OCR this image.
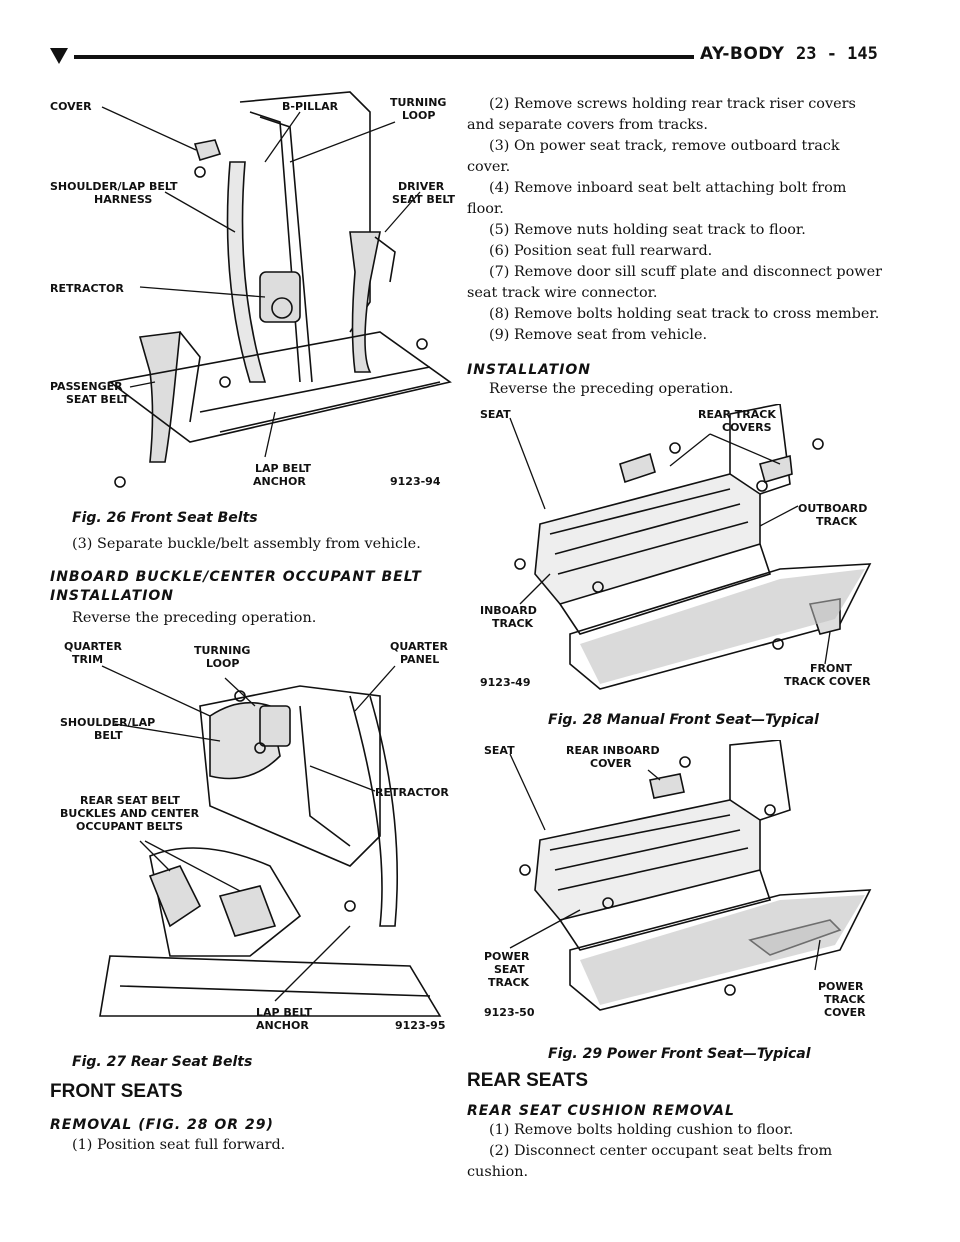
AY-BODY 23 - 145
COVER	B-PILLAR	TURNING
LOOP
SHOULDER/LAP BELT
HARNESS
DRIVER
SEAT BELT
RETRACTOR
PASSENGER
SEAT BELT
LAP BELT
ANCHOR	9123-94
Fig. 26 Front Seat Belts
(3) Separate buckle/belt assembly from vehicle.
INBOARD BUCKLE/CENTER OCCUPANT BELT
INSTALLATION
Reverse the preceding operation.
QUARTER
TRIM
TURNING
LOOP
QUARTER
PANEL
SHOULDER/LAP
BELT
RETRACTOR
REAR SEAT BELT
BUCKLES AND CENTER
OCCUPANT BELTS
LAP BELT
ANCHOR	9123-95
Fig. 27 Rear Seat Belts
FRONT SEATS
REMOVAL (FIG. 28 OR 29)
(1) Position seat full forward.

(2) Remove screws holding rear track riser covers and separate covers from tracks.

(3) On power seat track, remove outboard track cover.

(4) Remove inboard seat belt attaching bolt from floor.

(5) Remove nuts holding seat track to floor.

(6) Position seat full rearward.

(7) Remove door sill scuff plate and disconnect power seat track wire connector.

(8) Remove bolts holding seat track to cross member.

(9) Remove seat from vehicle.

INSTALLATION
Reverse the preceding operation.
SEAT	REAR TRACK
COVERS
OUTBOARD
TRACK
INBOARD
TRACK
FRONT
TRACK COVER
9123-49
Fig. 28 Manual Front Seat—Typical
SEAT	REAR INBOARD
COVER
POWER
SEAT
TRACK	POWER
TRACK
COVER
9123-50
Fig. 29 Power Front Seat—Typical
REAR SEATS
REAR SEAT CUSHION REMOVAL
(1) Remove bolts holding cushion to floor.
(2) Disconnect center occupant seat belts from cushion.
